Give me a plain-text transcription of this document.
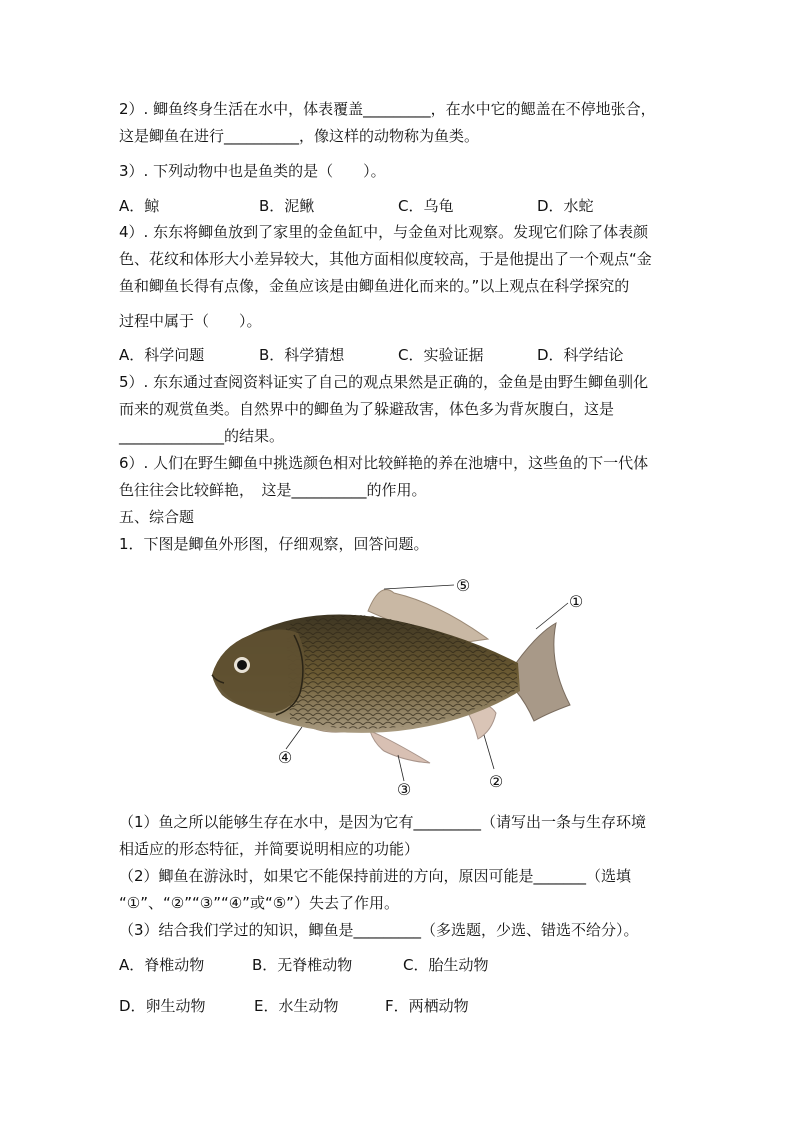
2）. 鲫鱼终身生活在水中，体表覆盖_________，在水中它的鳃盖在不停地张合，
这是鲫鱼在进行__________，像这样的动物称为鱼类。
3）. 下列动物中也是鱼类的是（　　）。
A．鲸	B．泥鳅	C．乌龟	D．水蛇
4）. 东东将鲫鱼放到了家里的金鱼缸中，与金鱼对比观察。发现它们除了体表颜
色、花纹和体形大小差异较大，其他方面相似度较高，于是他提出了一个观点“金
鱼和鲫鱼长得有点像，金鱼应该是由鲫鱼进化而来的。”以上观点在科学探究的
过程中属于（　　）。
A．科学问题	B．科学猜想	C．实验证据	D．科学结论
5）. 东东通过查阅资料证实了自己的观点果然是正确的，金鱼是由野生鲫鱼驯化
而来的观赏鱼类。自然界中的鲫鱼为了躲避敌害，体色多为背灰腹白，这是
______________的结果。
6）. 人们在野生鲫鱼中挑选颜色相对比较鲜艳的养在池塘中，这些鱼的下一代体
色往往会比较鲜艳，　这是__________的作用。
五、综合题
1．下图是鲫鱼外形图，仔细观察，回答问题。
⑤
①
②
③
④
（1）鱼之所以能够生存在水中，是因为它有_________（请写出一条与生存环境
相适应的形态特征，并简要说明相应的功能）
（2）鲫鱼在游泳时，如果它不能保持前进的方向，原因可能是_______（选填
“①”、“②”“③”“④”或“⑤”）失去了作用。
（3）结合我们学过的知识，鲫鱼是_________（多选题，少选、错选不给分）。
A．脊椎动物	B．无脊椎动物	C．胎生动物
D．卵生动物	E．水生动物	F．两栖动物
